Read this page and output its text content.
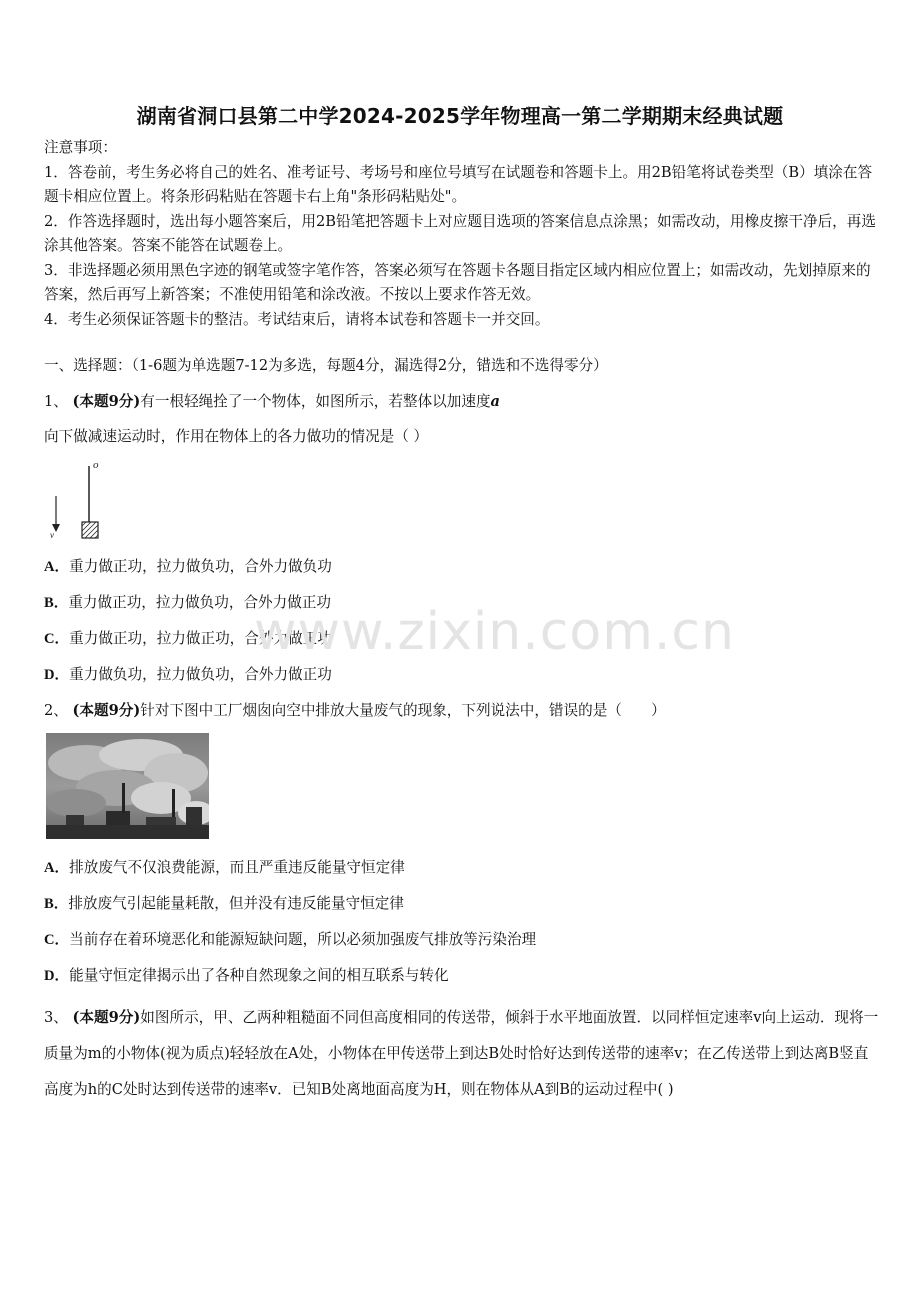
湖南省洞口县第二中学2024-2025学年物理高一第二学期期末经典试题

注意事项：

1．答卷前，考生务必将自己的姓名、准考证号、考场号和座位号填写在试题卷和答题卡上。用2B铅笔将试卷类型（B）填涂在答题卡相应位置上。将条形码粘贴在答题卡右上角"条形码粘贴处"。

2．作答选择题时，选出每小题答案后，用2B铅笔把答题卡上对应题目选项的答案信息点涂黑；如需改动，用橡皮擦干净后，再选涂其他答案。答案不能答在试题卷上。

3．非选择题必须用黑色字迹的钢笔或签字笔作答，答案必须写在答题卡各题目指定区域内相应位置上；如需改动，先划掉原来的答案，然后再写上新答案；不准使用铅笔和涂改液。不按以上要求作答无效。

4．考生必须保证答题卡的整洁。考试结束后，请将本试卷和答题卡一并交回。

一、选择题：（1-6题为单选题7-12为多选，每题4分，漏选得2分，错选和不选得零分）
1、 (本题9分)有一根轻绳拴了一个物体，如图所示，若整体以加速度a向下做减速运动时，作用在物体上的各力做功的情况是（ ）
o
v
A．重力做正功，拉力做负功，合外力做负功
B．重力做正功，拉力做负功，合外力做正功
C．重力做正功，拉力做正功，合外力做正功
D．重力做负功，拉力做负功，合外力做正功
2、 (本题9分)针对下图中工厂烟囱向空中排放大量废气的现象，下列说法中，错误的是（　　）
A．排放废气不仅浪费能源，而且严重违反能量守恒定律
B．排放废气引起能量耗散，但并没有违反能量守恒定律
C．当前存在着环境恶化和能源短缺问题，所以必须加强废气排放等污染治理
D．能量守恒定律揭示出了各种自然现象之间的相互联系与转化
3、 (本题9分)如图所示，甲、乙两种粗糙面不同但高度相同的传送带，倾斜于水平地面放置．以同样恒定速率v向上运动．现将一质量为m的小物体(视为质点)轻轻放在A处，小物体在甲传送带上到达B处时恰好达到传送带的速率v；在乙传送带上到达离B竖直高度为h的C处时达到传送带的速率v．已知B处离地面高度为H，则在物体从A到B的运动过程中( )
www.zixin.com.cn
